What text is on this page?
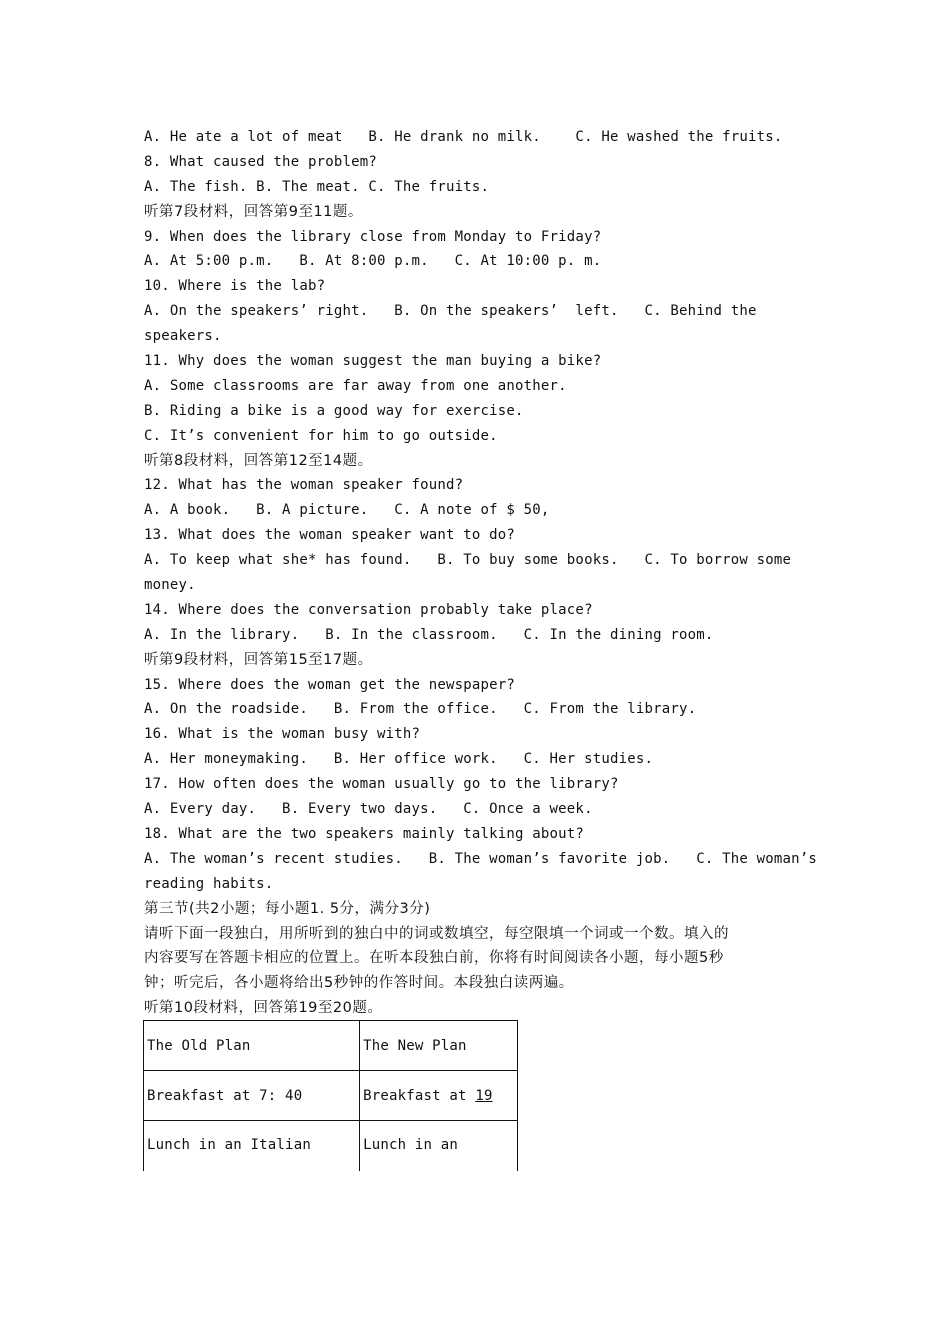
A. He ate a lot of meat   B. He drank no milk.    C. He washed the fruits.
8. What caused the problem?
A. The fish. B. The meat. C. The fruits.
听第7段材料，回答第9至11题。
9. When does the library close from Monday to Friday?
A. At 5:00 p.m.   B. At 8:00 p.m.   C. At 10:00 p. m.
10. Where is the lab?
A. On the speakers’ right.   B. On the speakers’  left.   C. Behind the
speakers.
11. Why does the woman suggest the man buying a bike?
A. Some classrooms are far away from one another.
B. Riding a bike is a good way for exercise.
C. It’s convenient for him to go outside.
听第8段材料，回答第12至14题。
12. What has the woman speaker found?
A. A book.   B. A picture.   C. A note of $ 50,
13. What does the woman speaker want to do?
A. To keep what she* has found.   B. To buy some books.   C. To borrow some
money.
14. Where does the conversation probably take place?
A. In the library.   B. In the classroom.   C. In the dining room.
听第9段材料，回答第15至17题。
15. Where does the woman get the newspaper?
A. On the roadside.   B. From the office.   C. From the library.
16. What is the woman busy with?
A. Her moneymaking.   B. Her office work.   C. Her studies.
17. How often does the woman usually go to the library?
A. Every day.   B. Every two days.   C. Once a week.
18. What are the two speakers mainly talking about?
A. The woman’s recent studies.   B. The woman’s favorite job.   C. The woman’s
reading habits.
第三节(共2小题；每小题1. 5分，满分3分)
请听下面一段独白，用所听到的独白中的词或数填空，每空限填一个词或一个数。填入的
内容要写在答题卡相应的位置上。在听本段独白前，你将有时间阅读各小题，每小题5秒
钟；听完后，各小题将给出5秒钟的作答时间。本段独白读两遍。
听第10段材料，回答第19至20题。
The Old Plan	The New Plan
Breakfast at 7: 40	Breakfast at 19
Lunch in an Italian	Lunch in an
